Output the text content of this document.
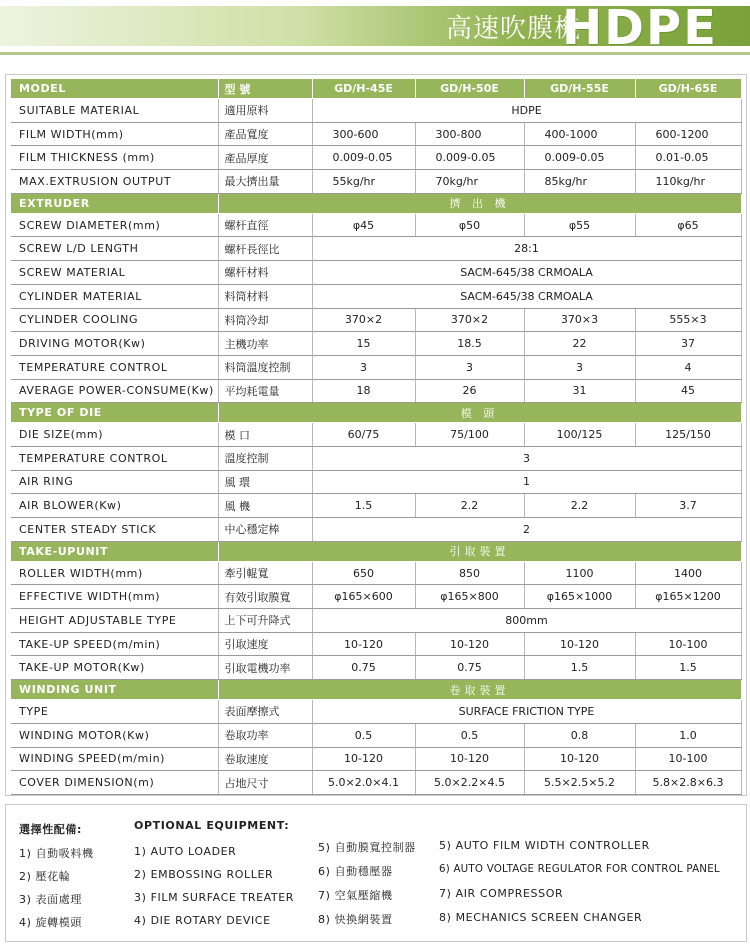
高速吹膜機
HDPE
MODEL	型 號	GD/H-45E	GD/H-50E	GD/H-55E	GD/H-65E
SUITABLE MATERIAL	適用原料	HDPE			
FILM WIDTH(mm)	產品寬度	300-600	300-800	400-1000	600-1200
FILM THICKNESS (mm)	產品厚度	0.009-0.05	0.009-0.05	0.009-0.05	0.01-0.05
MAX.EXTRUSION OUTPUT	最大擠出量	55kg/hr	70kg/hr	85kg/hr	110kg/hr
EXTRUDER	擠 出 機				
SCREW DIAMETER(mm)	螺杆直徑	φ45	φ50	φ55	φ65
SCREW L/D LENGTH	螺杆長徑比	28:1			
SCREW MATERIAL	螺杆材料	SACM-645/38 CRMOALA			
CYLINDER MATERIAL	料筒材料	SACM-645/38 CRMOALA			
CYLINDER COOLING	料筒冷却	370×2	370×2	370×3	555×3
DRIVING MOTOR(Kw)	主機功率	15	18.5	22	37
TEMPERATURE CONTROL	料筒溫度控制	3	3	3	4
AVERAGE POWER-CONSUME(Kw)	平均耗電量	18	26	31	45
TYPE OF DIE	模 頭				
DIE SIZE(mm)	模 口	60/75	75/100	100/125	125/150
TEMPERATURE CONTROL	溫度控制	3			
AIR RING	風 環	1			
AIR BLOWER(Kw)	風 機	1.5	2.2	2.2	3.7
CENTER STEADY STICK	中心穩定棒	2			
TAKE-UPUNIT	引取裝置				
ROLLER WIDTH(mm)	牽引輥寬	650	850	1100	1400
EFFECTIVE WIDTH(mm)	有效引取膜寬	φ165×600	φ165×800	φ165×1000	φ165×1200
HEIGHT ADJUSTABLE TYPE	上下可升降式	800mm			
TAKE-UP SPEED(m/min)	引取速度	10-120	10-120	10-120	10-100
TAKE-UP MOTOR(Kw)	引取電機功率	0.75	0.75	1.5	1.5
WINDING UNIT	卷取裝置				
TYPE	表面摩擦式	SURFACE FRICTION TYPE			
WINDING MOTOR(Kw)	卷取功率	0.5	0.5	0.8	1.0
WINDING SPEED(m/min)	卷取速度	10-120	10-120	10-120	10-100
COVER DIMENSION(m)	占地尺寸	5.0×2.0×4.1	5.0×2.2×4.5	5.5×2.5×5.2	5.8×2.8×6.3
選擇性配備:	OPTIONAL EQUIPMENT:
1) 自動吸料機
2) 壓花輪
3) 表面處理
4) 旋轉模頭
1) AUTO LOADER
2) EMBOSSING ROLLER
3) FILM SURFACE TREATER
4) DIE ROTARY DEVICE
5) 自動膜寬控制器
6) 自動穩壓器
7) 空氣壓縮機
8) 快換網裝置
5) AUTO FILM WIDTH CONTROLLER
6) AUTO VOLTAGE REGULATOR FOR CONTROL PANEL
7) AIR COMPRESSOR
8) MECHANICS SCREEN CHANGER
